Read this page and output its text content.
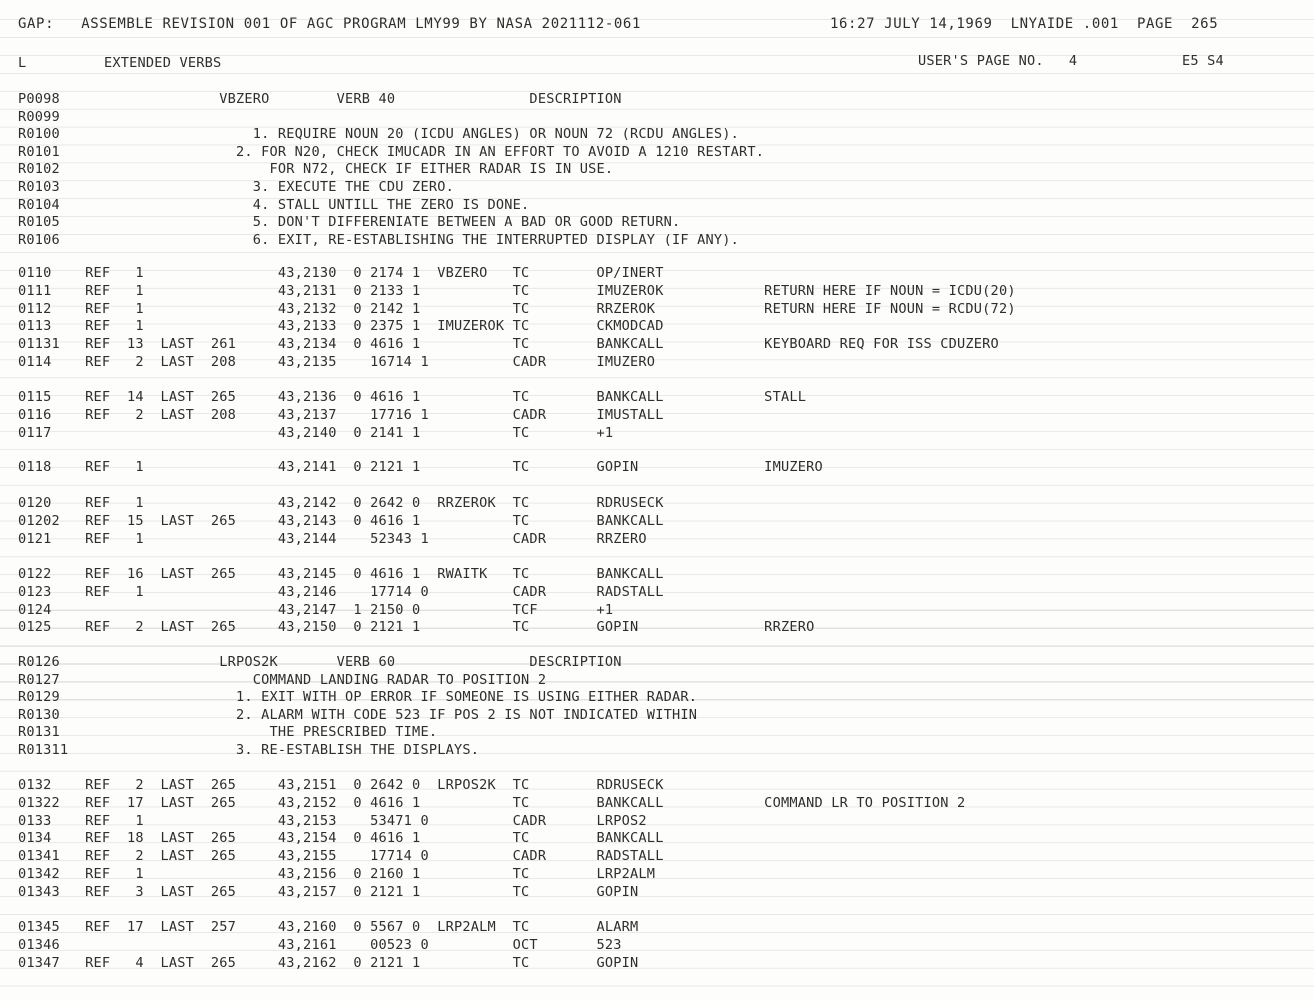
GAP:   ASSEMBLE REVISION 001 OF AGC PROGRAM LMY99 BY NASA 2021112-061	16:27 JULY 14,1969  LNYAIDE .001  PAGE  265
L	EXTENDED VERBS	USER'S PAGE NO.   4	E5 S4
P0098                   VBZERO        VERB 40                DESCRIPTION
R0099
R0100                       1. REQUIRE NOUN 20 (ICDU ANGLES) OR NOUN 72 (RCDU ANGLES).
R0101                     2. FOR N20, CHECK IMUCADR IN AN EFFORT TO AVOID A 1210 RESTART.
R0102                         FOR N72, CHECK IF EITHER RADAR IS IN USE.
R0103                       3. EXECUTE THE CDU ZERO.
R0104                       4. STALL UNTILL THE ZERO IS DONE.
R0105                       5. DON'T DIFFERENIATE BETWEEN A BAD OR GOOD RETURN.
R0106                       6. EXIT, RE-ESTABLISHING THE INTERRUPTED DISPLAY (IF ANY).
0110    REF   1                43,2130  0 2174 1  VBZERO   TC        OP/INERT
0111    REF   1                43,2131  0 2133 1           TC        IMUZEROK            RETURN HERE IF NOUN = ICDU(20)
0112    REF   1                43,2132  0 2142 1           TC        RRZEROK             RETURN HERE IF NOUN = RCDU(72)
0113    REF   1                43,2133  0 2375 1  IMUZEROK TC        CKMODCAD
01131   REF  13  LAST  261     43,2134  0 4616 1           TC        BANKCALL            KEYBOARD REQ FOR ISS CDUZERO
0114    REF   2  LAST  208     43,2135    16714 1          CADR      IMUZERO
0115    REF  14  LAST  265     43,2136  0 4616 1           TC        BANKCALL            STALL
0116    REF   2  LAST  208     43,2137    17716 1          CADR      IMUSTALL
0117                           43,2140  0 2141 1           TC        +1
0118    REF   1                43,2141  0 2121 1           TC        GOPIN               IMUZERO
0120    REF   1                43,2142  0 2642 0  RRZEROK  TC        RDRUSECK
01202   REF  15  LAST  265     43,2143  0 4616 1           TC        BANKCALL
0121    REF   1                43,2144    52343 1          CADR      RRZERO
0122    REF  16  LAST  265     43,2145  0 4616 1  RWAITK   TC        BANKCALL
0123    REF   1                43,2146    17714 0          CADR      RADSTALL
0124                           43,2147  1 2150 0           TCF       +1
0125    REF   2  LAST  265     43,2150  0 2121 1           TC        GOPIN               RRZERO
R0126                   LRPOS2K       VERB 60                DESCRIPTION
R0127                       COMMAND LANDING RADAR TO POSITION 2
R0129                     1. EXIT WITH OP ERROR IF SOMEONE IS USING EITHER RADAR.
R0130                     2. ALARM WITH CODE 523 IF POS 2 IS NOT INDICATED WITHIN
R0131                         THE PRESCRIBED TIME.
R01311                    3. RE-ESTABLISH THE DISPLAYS.
0132    REF   2  LAST  265     43,2151  0 2642 0  LRPOS2K  TC        RDRUSECK
01322   REF  17  LAST  265     43,2152  0 4616 1           TC        BANKCALL            COMMAND LR TO POSITION 2
0133    REF   1                43,2153    53471 0          CADR      LRPOS2
0134    REF  18  LAST  265     43,2154  0 4616 1           TC        BANKCALL
01341   REF   2  LAST  265     43,2155    17714 0          CADR      RADSTALL
01342   REF   1                43,2156  0 2160 1           TC        LRP2ALM
01343   REF   3  LAST  265     43,2157  0 2121 1           TC        GOPIN
01345   REF  17  LAST  257     43,2160  0 5567 0  LRP2ALM  TC        ALARM
01346                          43,2161    00523 0          OCT       523
01347   REF   4  LAST  265     43,2162  0 2121 1           TC        GOPIN
